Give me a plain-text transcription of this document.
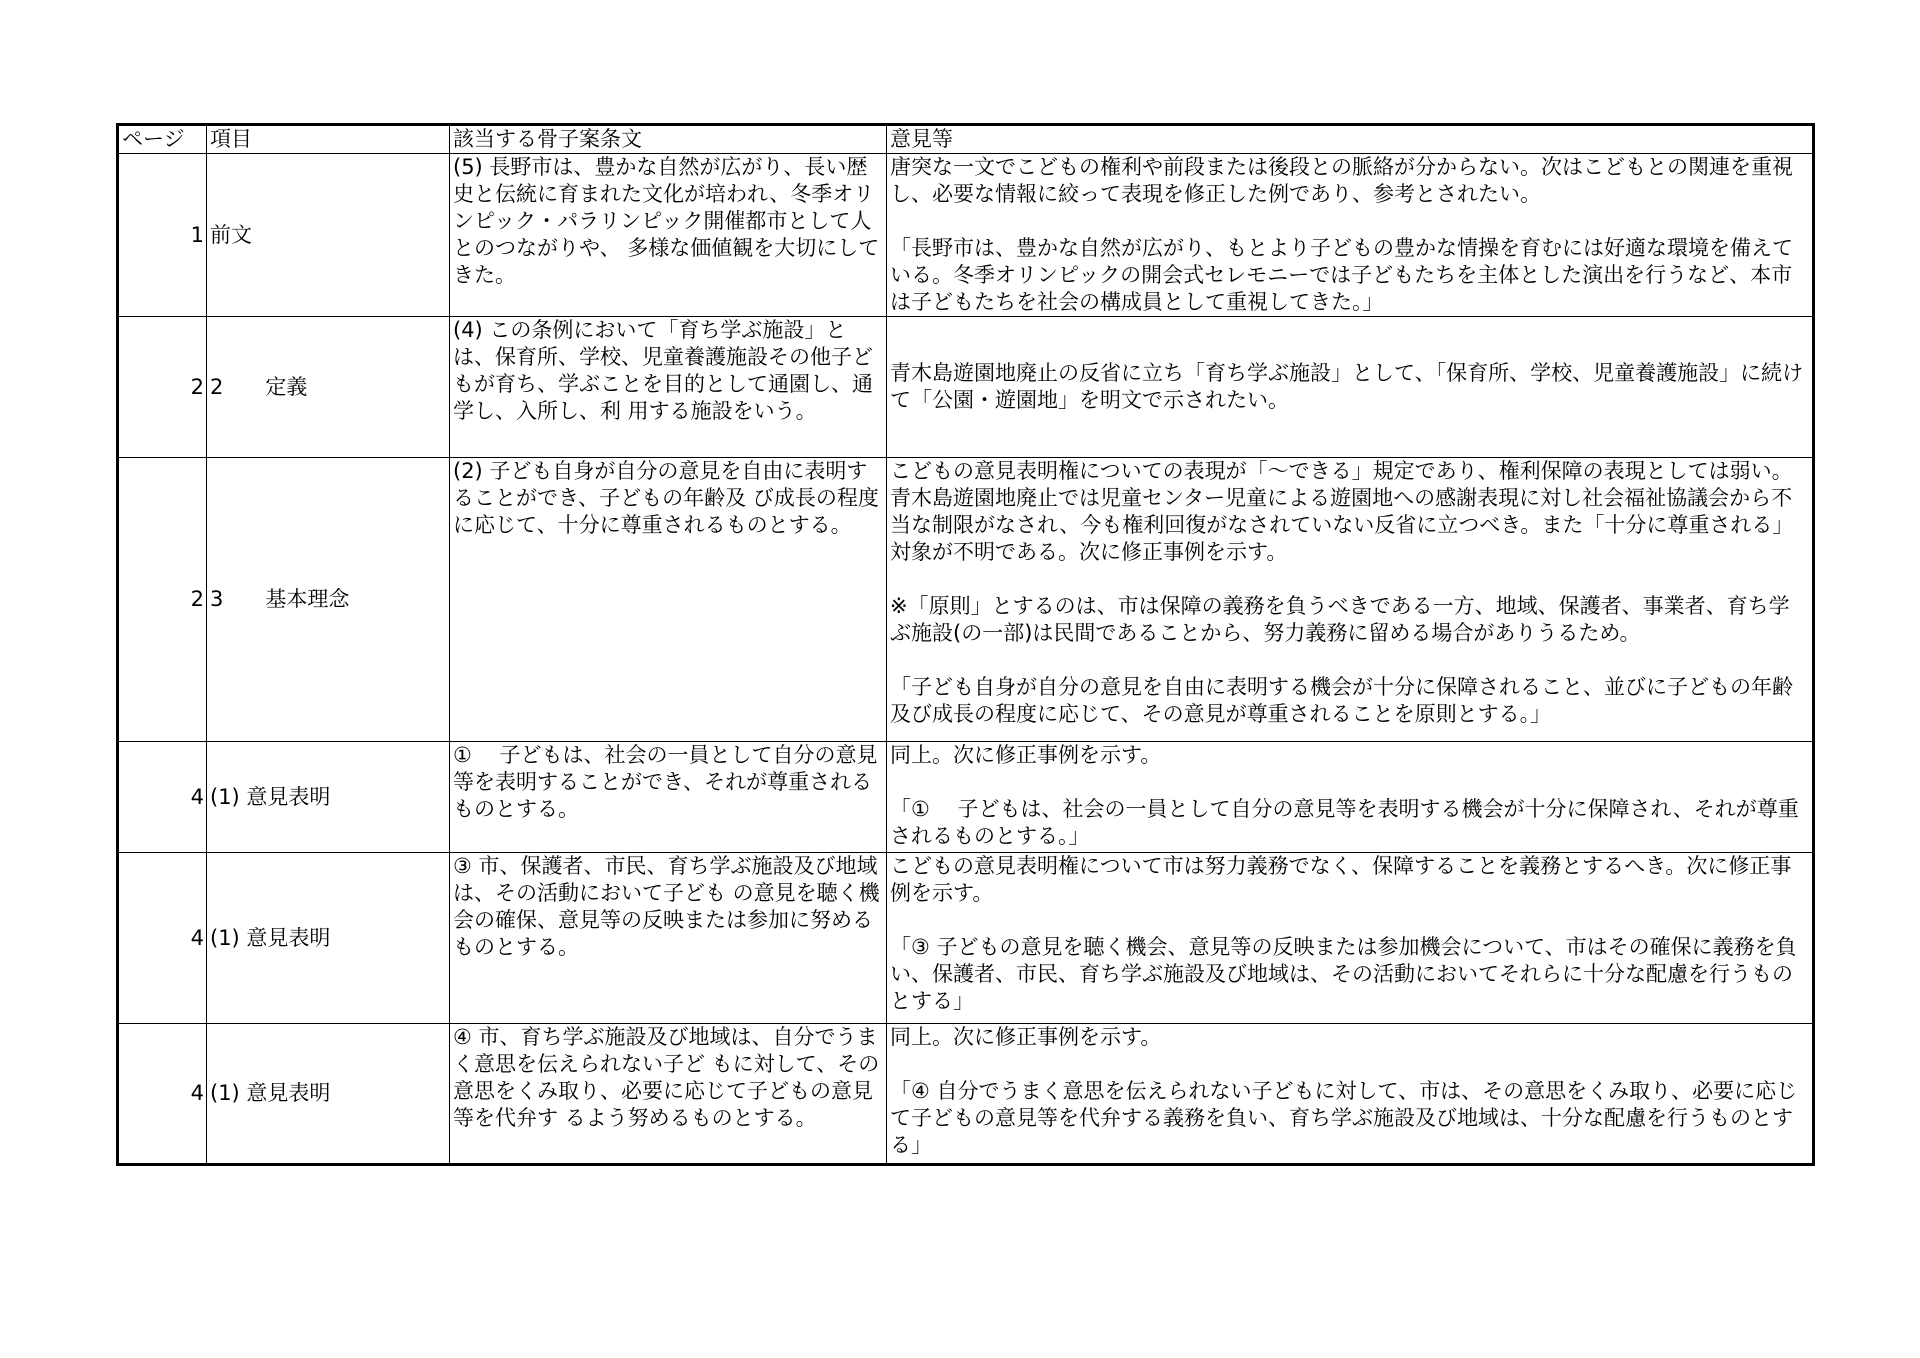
ページ	項目	該当する骨子案条文	意見等
1	前文	(5) 長野市は、豊かな自然が広がり、長い歴史と伝統に育まれた文化が培われ、冬季オリンピック・パラリンピック開催都市として人とのつながりや、 多様な価値観を大切にしてきた。	唐突な一文でこどもの権利や前段または後段との脈絡が分からない。次はこどもとの関連を重視し、必要な情報に絞って表現を修正した例であり、参考とされたい。
「長野市は、豊かな自然が広がり、もとより子どもの豊かな情操を育むには好適な環境を備えている。冬季オリンピックの開会式セレモニーでは子どもたちを主体とした演出を行うなど、本市は子どもたちを社会の構成員として重視してきた。」

2	2　　定義	(4) この条例において「育ち学ぶ施設」とは、保育所、学校、児童養護施設その他子どもが育ち、学ぶことを目的として通園し、通学し、入所し、利 用する施設をいう。	青木島遊園地廃止の反省に立ち「育ち学ぶ施設」として、「保育所、学校、児童養護施設」に続けて「公園・遊園地」を明文で示されたい。

2	3　　基本理念	(2) 子ども自身が自分の意見を自由に表明することができ、子どもの年齢及 び成長の程度に応じて、十分に尊重されるものとする。	こどもの意見表明権についての表現が「～できる」規定であり、権利保障の表現としては弱い。青木島遊園地廃止では児童センター児童による遊園地への感謝表現に対し社会福祉協議会から不当な制限がなされ、今も権利回復がなされていない反省に立つべき。また「十分に尊重される」対象が不明である。次に修正事例を示す。
※「原則」とするのは、市は保障の義務を負うべきである一方、地域、保護者、事業者、育ち学ぶ施設(の一部)は民間であることから、努力義務に留める場合がありうるため。
「子ども自身が自分の意見を自由に表明する機会が十分に保障されること、並びに子どもの年齢及び成長の程度に応じて、その意見が尊重されることを原則とする。」

4	(1) 意見表明	①　 子どもは、社会の一員として自分の意見等を表明することができ、それが尊重されるものとする。	同上。次に修正事例を示す。
「①　 子どもは、社会の一員として自分の意見等を表明する機会が十分に保障され、それが尊重されるものとする。」

4	(1) 意見表明	③ 市、保護者、市民、育ち学ぶ施設及び地域は、その活動において子ども の意見を聴く機会の確保、意見等の反映または参加に努めるものとする。	こどもの意見表明権について市は努力義務でなく、保障することを義務とするへき。次に修正事例を示す。
「③ 子どもの意見を聴く機会、意見等の反映または参加機会について、市はその確保に義務を負い、保護者、市民、育ち学ぶ施設及び地域は、その活動においてそれらに十分な配慮を行うものとする」

4	(1) 意見表明	④ 市、育ち学ぶ施設及び地域は、自分でうまく意思を伝えられない子ど もに対して、その意思をくみ取り、必要に応じて子どもの意見等を代弁す るよう努めるものとする。	同上。次に修正事例を示す。
「④ 自分でうまく意思を伝えられない子どもに対して、市は、その意思をくみ取り、必要に応じて子どもの意見等を代弁する義務を負い、育ち学ぶ施設及び地域は、十分な配慮を行うものとする」
